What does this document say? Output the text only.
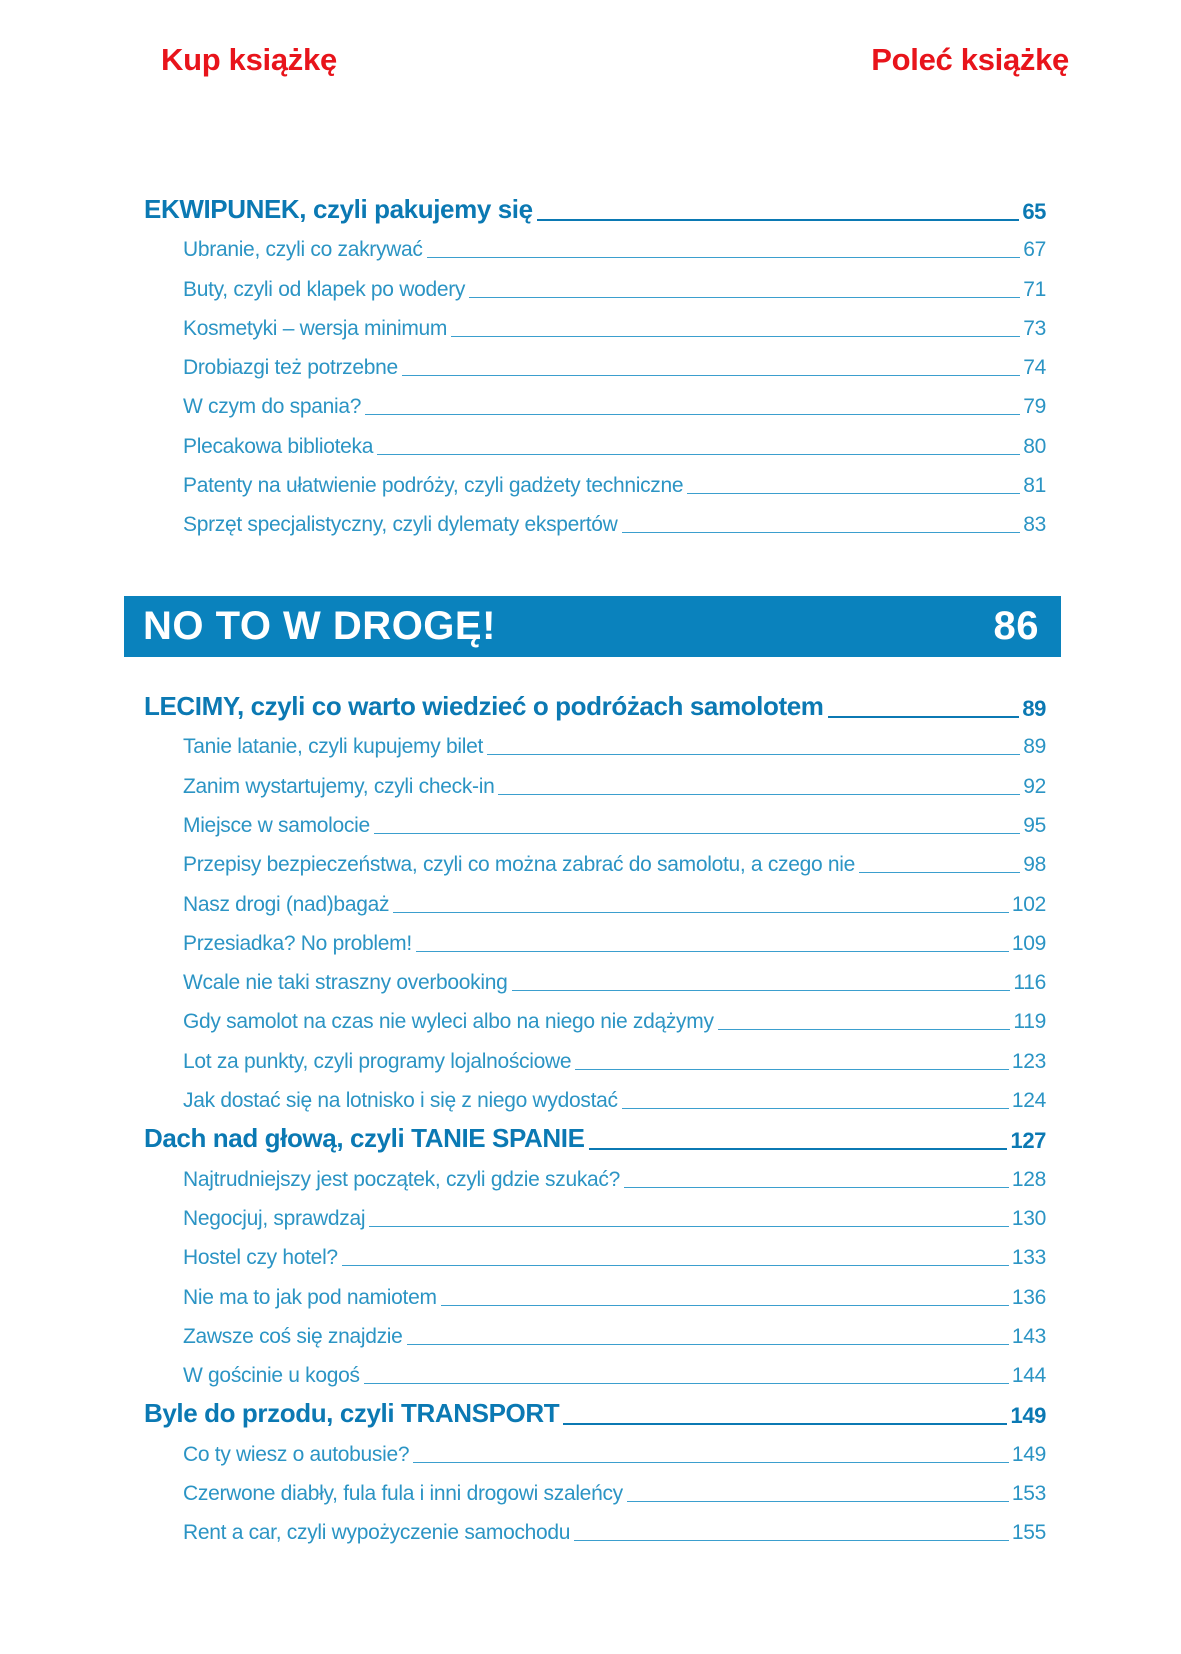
Kup książkę	Poleć książkę
EKWIPUNEK, czyli pakujemy się	65
Ubranie, czyli co zakrywać	67
Buty, czyli od klapek po wodery	71
Kosmetyki – wersja minimum	73
Drobiazgi też potrzebne	74
W czym do spania?	79
Plecakowa biblioteka	80
Patenty na ułatwienie podróży, czyli gadżety techniczne	81
Sprzęt specjalistyczny, czyli dylematy ekspertów	83
LECIMY, czyli co warto wiedzieć o podróżach samolotem	89
Tanie latanie, czyli kupujemy bilet	89
Zanim wystartujemy, czyli check-in	92
Miejsce w samolocie	95
Przepisy bezpieczeństwa, czyli co można zabrać do samolotu, a czego nie	98
Nasz drogi (nad)bagaż	102
Przesiadka? No problem!	109
Wcale nie taki straszny overbooking	116
Gdy samolot na czas nie wyleci albo na niego nie zdążymy	119
Lot za punkty, czyli programy lojalnościowe	123
Jak dostać się na lotnisko i się z niego wydostać	124
Dach nad głową, czyli TANIE SPANIE	127
Najtrudniejszy jest początek, czyli gdzie szukać?	128
Negocjuj, sprawdzaj	130
Hostel czy hotel?	133
Nie ma to jak pod namiotem	136
Zawsze coś się znajdzie	143
W gościnie u kogoś	144
Byle do przodu, czyli TRANSPORT	149
Co ty wiesz o autobusie?	149
Czerwone diabły, fula fula i inni drogowi szaleńcy	153
Rent a car, czyli wypożyczenie samochodu	155
NO TO W DROGĘ!	86
